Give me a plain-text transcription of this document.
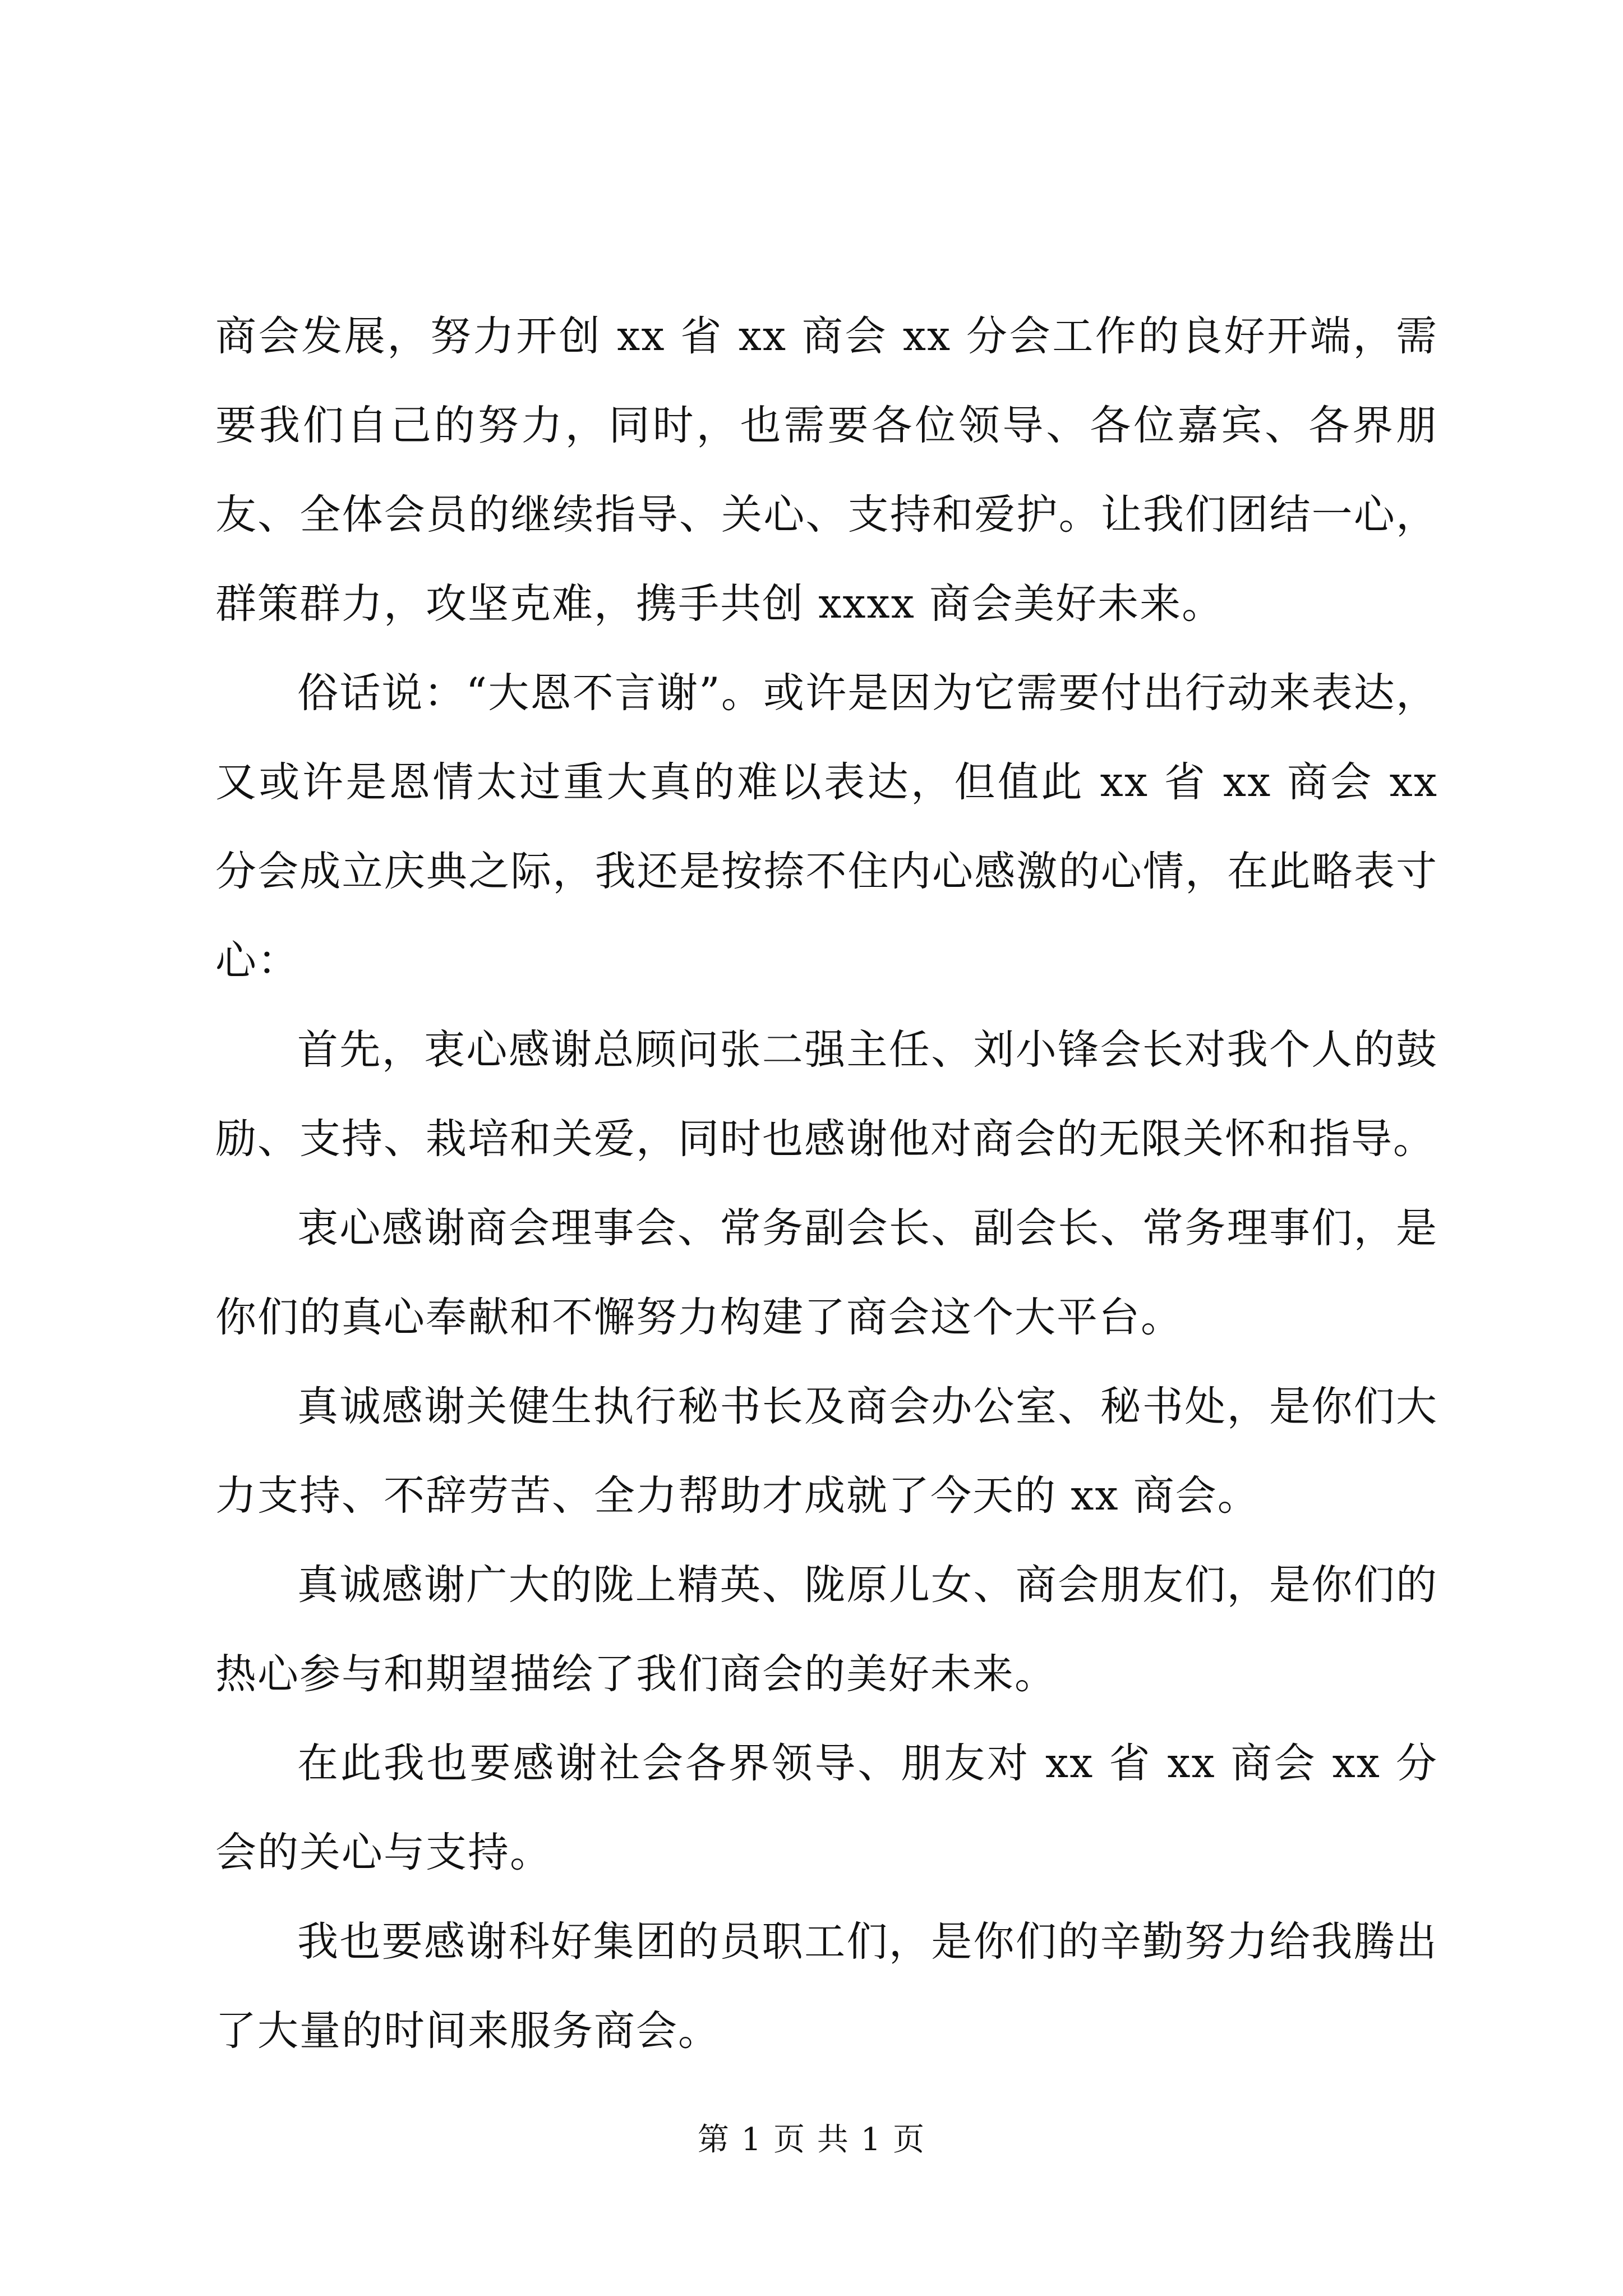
商会发展，努力开创 xx 省 xx 商会 xx 分会工作的良好开端，需要我们自己的努力，同时，也需要各位领导、各位嘉宾、各界朋友、全体会员的继续指导、关心、支持和爱护。让我们团结一心，群策群力，攻坚克难，携手共创 xxxx 商会美好未来。

俗话说：“大恩不言谢”。或许是因为它需要付出行动来表达，又或许是恩情太过重大真的难以表达，但值此 xx 省 xx 商会 xx 分会成立庆典之际，我还是按捺不住内心感激的心情，在此略表寸心：

首先，衷心感谢总顾问张二强主任、刘小锋会长对我个人的鼓励、支持、栽培和关爱，同时也感谢他对商会的无限关怀和指导。

衷心感谢商会理事会、常务副会长、副会长、常务理事们，是你们的真心奉献和不懈努力构建了商会这个大平台。

真诚感谢关健生执行秘书长及商会办公室、秘书处，是你们大力支持、不辞劳苦、全力帮助才成就了今天的 xx 商会。

真诚感谢广大的陇上精英、陇原儿女、商会朋友们，是你们的热心参与和期望描绘了我们商会的美好未来。

在此我也要感谢社会各界领导、朋友对 xx 省 xx 商会 xx 分会的关心与支持。

我也要感谢科好集团的员职工们，是你们的辛勤努力给我腾出了大量的时间来服务商会。

第 1 页 共 1 页
